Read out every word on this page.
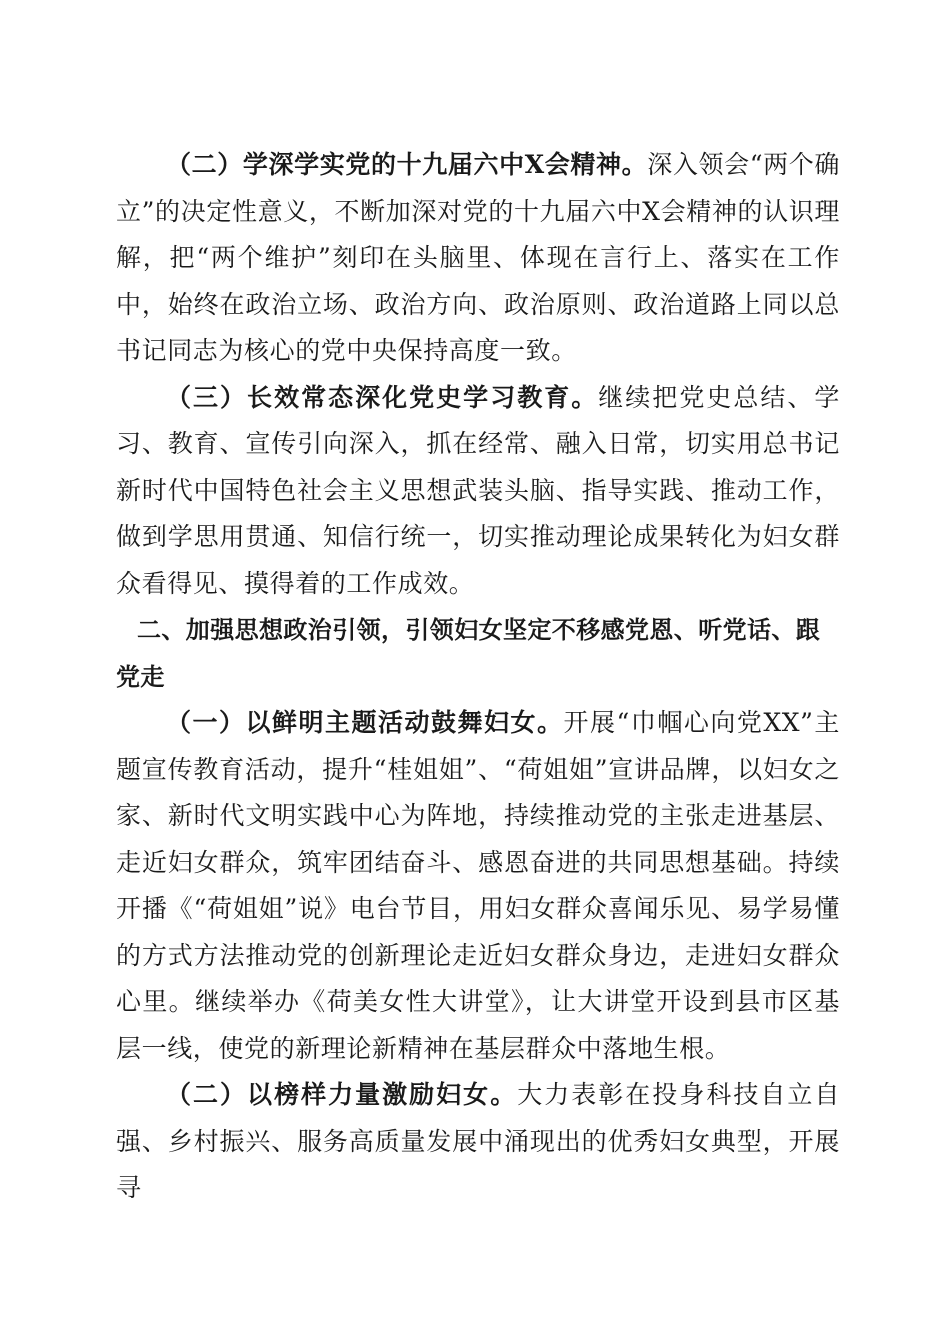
（二）学深学实党的十九届六中X会精神。深入领会“两个确立”的决定性意义，不断加深对党的十九届六中X会精神的认识理解，把“两个维护”刻印在头脑里、体现在言行上、落实在工作中，始终在政治立场、政治方向、政治原则、政治道路上同以总书记同志为核心的党中央保持高度一致。

（三）长效常态深化党史学习教育。继续把党史总结、学习、教育、宣传引向深入，抓在经常、融入日常，切实用总书记新时代中国特色社会主义思想武装头脑、指导实践、推动工作，做到学思用贯通、知信行统一，切实推动理论成果转化为妇女群众看得见、摸得着的工作成效。

二、加强思想政治引领，引领妇女坚定不移感党恩、听党话、跟党走

（一）以鲜明主题活动鼓舞妇女。开展“巾帼心向党XX”主题宣传教育活动，提升“桂姐姐”、“荷姐姐”宣讲品牌，以妇女之家、新时代文明实践中心为阵地，持续推动党的主张走进基层、走近妇女群众，筑牢团结奋斗、感恩奋进的共同思想基础。持续开播《“荷姐姐”说》电台节目，用妇女群众喜闻乐见、易学易懂的方式方法推动党的创新理论走近妇女群众身边，走进妇女群众心里。继续举办《荷美女性大讲堂》，让大讲堂开设到县市区基层一线，使党的新理论新精神在基层群众中落地生根。

（二）以榜样力量激励妇女。大力表彰在投身科技自立自强、乡村振兴、服务高质量发展中涌现出的优秀妇女典型，开展寻
